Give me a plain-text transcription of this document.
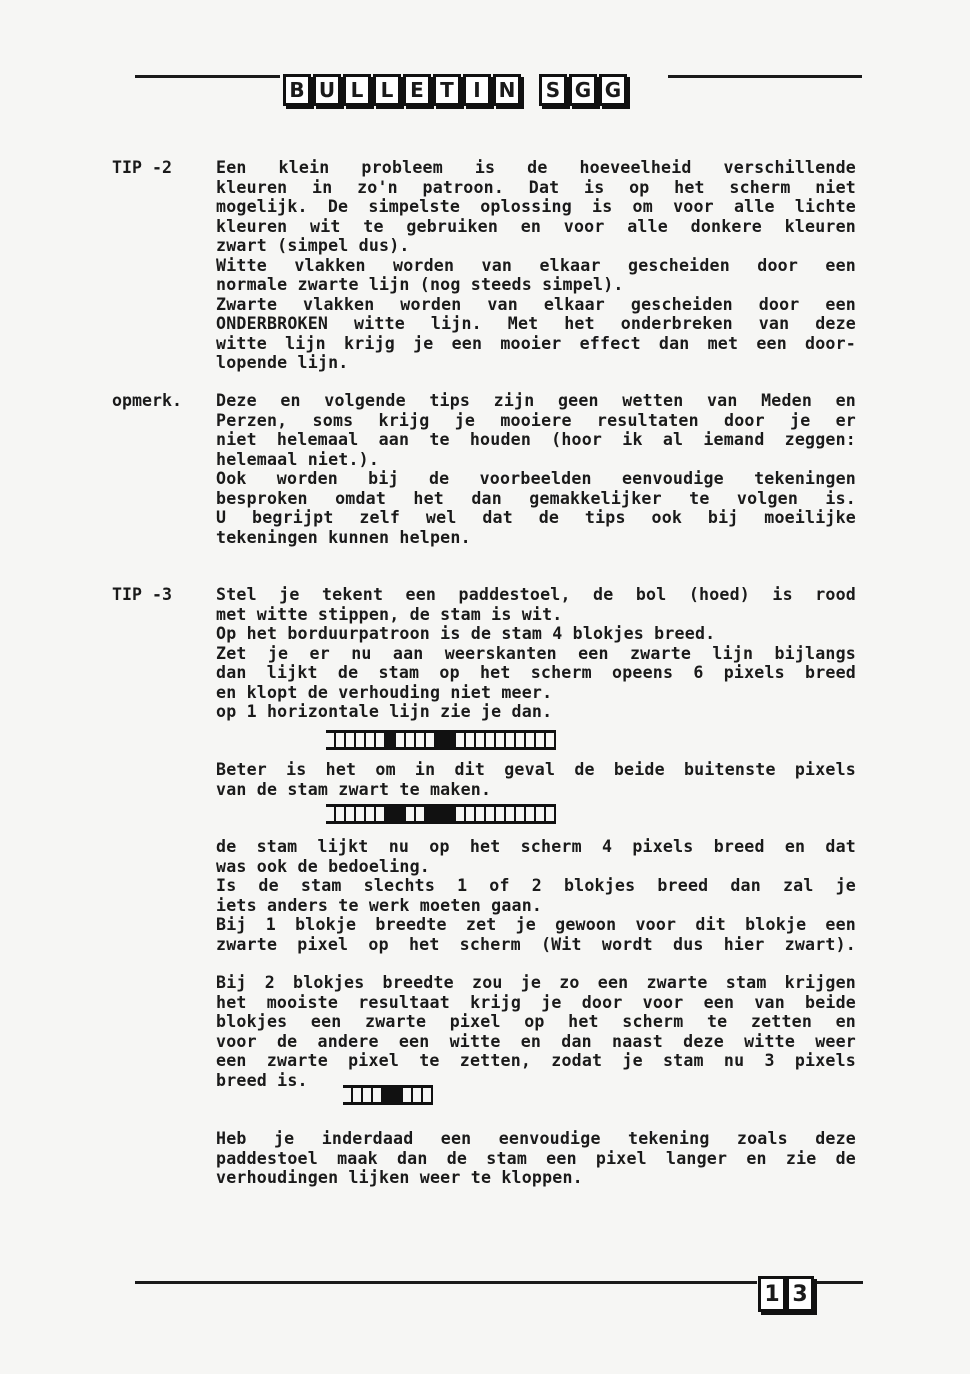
B U L L E T I N	S G G
TIP -2
opmerk.
TIP -3
Een klein probleem is de hoeveelheid verschillende
kleuren in zo'n patroon. Dat is op het scherm niet
mogelijk. De simpelste oplossing is om voor alle lichte
kleuren wit te gebruiken en voor alle donkere kleuren
zwart (simpel dus).
Witte vlakken worden van elkaar gescheiden door een
normale zwarte lijn (nog steeds simpel).
Zwarte vlakken worden van elkaar gescheiden door een
ONDERBROKEN witte lijn. Met het onderbreken van deze
witte lijn krijg je een mooier effect dan met een door-
lopende lijn.
Deze en volgende tips zijn geen wetten van Meden en
Perzen, soms krijg je mooiere resultaten door je er
niet helemaal aan te houden (hoor ik al iemand zeggen:
helemaal niet.).
Ook worden bij de voorbeelden eenvoudige tekeningen
besproken omdat het dan gemakkelijker te volgen is.
U begrijpt zelf wel dat de tips ook bij moeilijke
tekeningen kunnen helpen.
Stel je tekent een paddestoel, de bol (hoed) is rood
met witte stippen, de stam is wit.
Op het borduurpatroon is de stam 4 blokjes breed.
Zet je er nu aan weerskanten een zwarte lijn bijlangs
dan lijkt de stam op het scherm opeens 6 pixels breed
en klopt de verhouding niet meer.
op 1 horizontale lijn zie je dan.
Beter is het om in dit geval de beide buitenste pixels
van de stam zwart te maken.
de stam lijkt nu op het scherm 4 pixels breed en dat
was ook de bedoeling.
Is de stam slechts 1 of 2 blokjes breed dan zal je
iets anders te werk moeten gaan.
Bij 1 blokje breedte zet je gewoon voor dit blokje een
zwarte pixel op het scherm (Wit wordt dus hier zwart).
Bij 2 blokjes breedte zou je zo een zwarte stam krijgen
het mooiste resultaat krijg je door voor een van beide
blokjes een zwarte pixel op het scherm te zetten en
voor de andere een witte en dan naast deze witte weer
een zwarte pixel te zetten, zodat je stam nu 3 pixels
breed is.
Heb je inderdaad een eenvoudige tekening zoals deze
paddestoel maak dan de stam een pixel langer en zie de
verhoudingen lijken weer te kloppen.
1 3
